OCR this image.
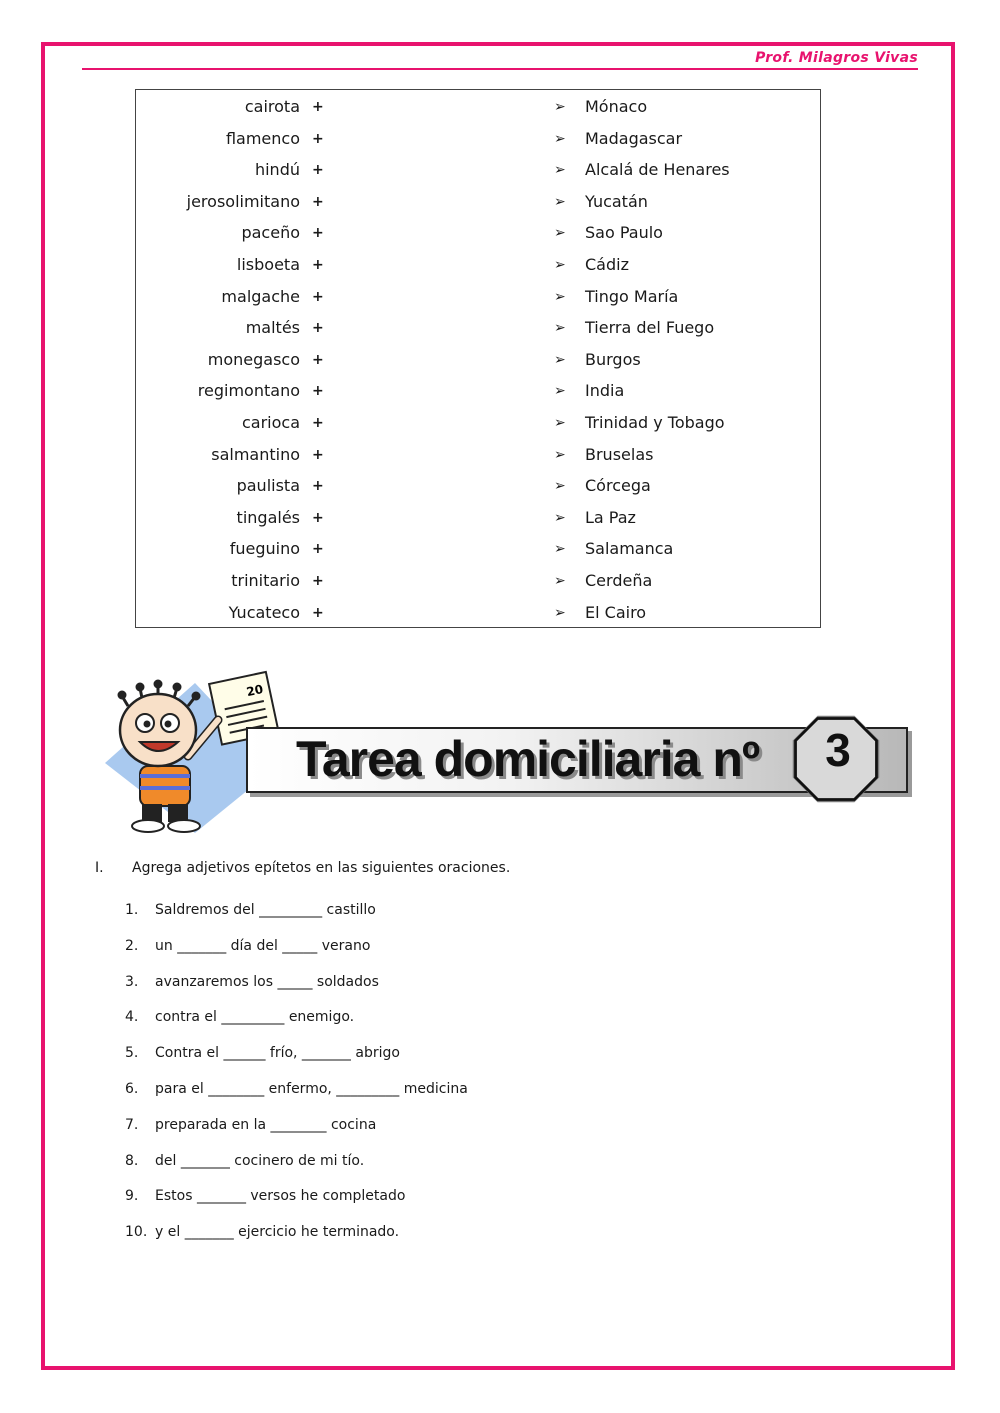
Prof. Milagros Vivas
cairota +	➢ Mónaco
flamenco +	➢ Madagascar
hindú +	➢ Alcalá de Henares
jerosolimitano +	➢ Yucatán
paceño +	➢ Sao Paulo
lisboeta +	➢ Cádiz
malgache +	➢ Tingo María
maltés +	➢ Tierra del Fuego
monegasco +	➢ Burgos
regimontano +	➢ India
carioca +	➢ Trinidad y Tobago
salmantino +	➢ Bruselas
paulista +	➢ Córcega
tingalés +	➢ La Paz
fueguino +	➢ Salamanca
trinitario +	➢ Cerdeña
Yucateco +	➢ El Cairo
20
Tarea domiciliaria nº	3
I. Agrega adjetivos epítetos en las siguientes oraciones.
1. Saldremos del _________ castillo
2. un _______ día del _____ verano
3. avanzaremos los _____ soldados
4. contra el _________ enemigo.
5. Contra el ______ frío, _______ abrigo
6. para el ________ enfermo, _________ medicina
7. preparada en la ________ cocina
8. del _______ cocinero de mi tío.
9. Estos _______ versos he completado
10. y el _______ ejercicio he terminado.
